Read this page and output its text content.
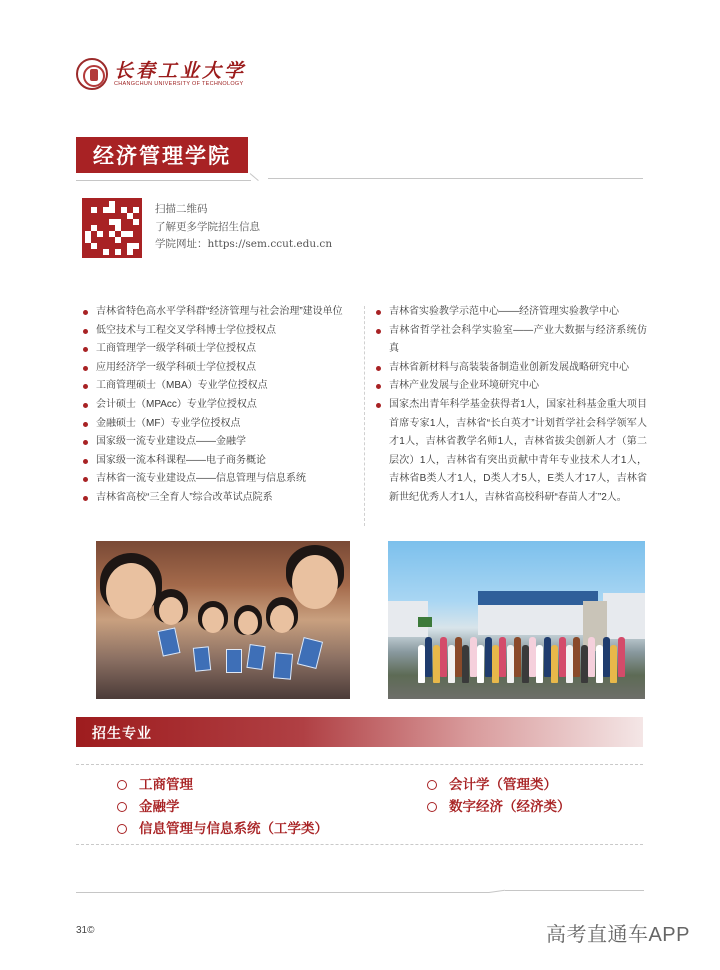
长春工业大学
CHANGCHUN UNIVERSITY OF TECHNOLOGY
经济管理学院
扫描二维码
了解更多学院招生信息
学院网址：https://sem.ccut.edu.cn
吉林省特色高水平学科群“经济管理与社会治理”建设单位
低空技术与工程交叉学科博士学位授权点
工商管理学一级学科硕士学位授权点
应用经济学一级学科硕士学位授权点
工商管理硕士（MBA）专业学位授权点
会计硕士（MPAcc）专业学位授权点
金融硕士（MF）专业学位授权点
国家级一流专业建设点——金融学
国家级一流本科课程——电子商务概论
吉林省一流专业建设点——信息管理与信息系统
吉林省高校“三全育人”综合改革试点院系
吉林省实验教学示范中心——经济管理实验教学中心
吉林省哲学社会科学实验室——产业大数据与经济系统仿真
吉林省新材料与高装装备制造业创新发展战略研究中心
吉林产业发展与企业环境研究中心
国家杰出青年科学基金获得者1人，国家社科基金重大项目首席专家1人，吉林省“长白英才”计划哲学社会科学领军人才1人，吉林省教学名师1人，吉林省拔尖创新人才（第二层次）1人，吉林省有突出贡献中青年专业技术人才1人，吉林省B类人才1人，D类人才5人，E类人才17人，吉林省新世纪优秀人才1人，吉林省高校科研“春苗人才”2人。
招生专业
工商管理
金融学
信息管理与信息系统（工学类）
会计学（管理类）
数字经济（经济类）
31©	高考直通车APP
